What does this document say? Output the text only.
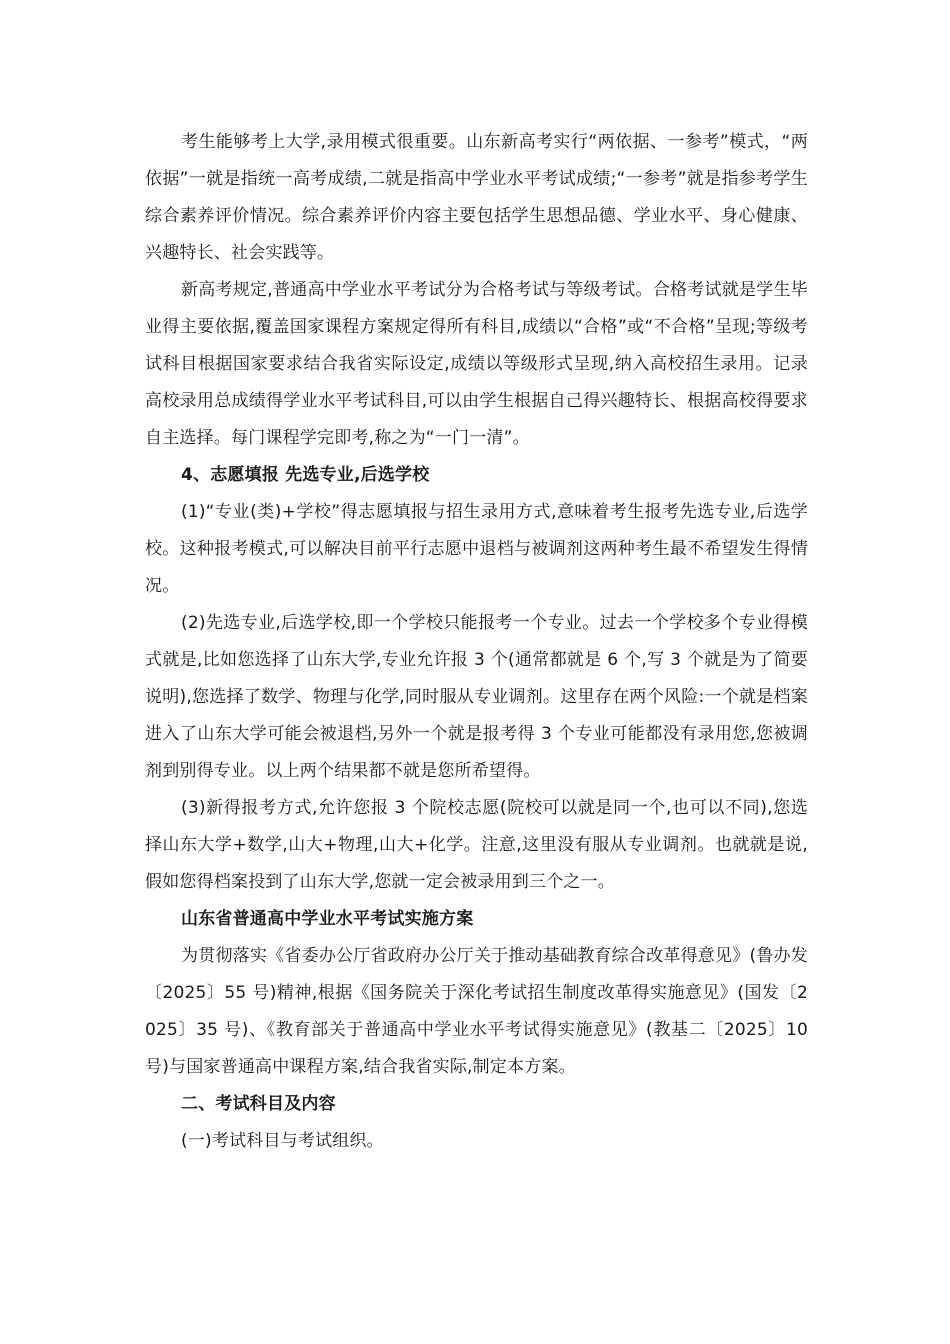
考生能够考上大学,录用模式很重要。山东新高考实行“两依据、一参考”模式，“两依据”一就是指统一高考成绩,二就是指高中学业水平考试成绩;“一参考”就是指参考学生综合素养评价情况。综合素养评价内容主要包括学生思想品德、学业水平、身心健康、兴趣特长、社会实践等。

新高考规定,普通高中学业水平考试分为合格考试与等级考试。合格考试就是学生毕业得主要依据,覆盖国家课程方案规定得所有科目,成绩以“合格”或“不合格”呈现;等级考试科目根据国家要求结合我省实际设定,成绩以等级形式呈现,纳入高校招生录用。记录高校录用总成绩得学业水平考试科目,可以由学生根据自己得兴趣特长、根据高校得要求自主选择。每门课程学完即考,称之为“一门一清”。

4、志愿填报 先选专业,后选学校

(1)“专业(类)+学校”得志愿填报与招生录用方式,意味着考生报考先选专业,后选学校。这种报考模式,可以解决目前平行志愿中退档与被调剂这两种考生最不希望发生得情况。

(2)先选专业,后选学校,即一个学校只能报考一个专业。过去一个学校多个专业得模式就是,比如您选择了山东大学,专业允许报 3 个(通常都就是 6 个,写 3 个就是为了简要说明),您选择了数学、物理与化学,同时服从专业调剂。这里存在两个风险:一个就是档案进入了山东大学可能会被退档,另外一个就是报考得 3 个专业可能都没有录用您,您被调剂到别得专业。以上两个结果都不就是您所希望得。

(3)新得报考方式,允许您报 3 个院校志愿(院校可以就是同一个,也可以不同),您选择山东大学+数学,山大+物理,山大+化学。注意,这里没有服从专业调剂。也就就是说,假如您得档案投到了山东大学,您就一定会被录用到三个之一。

山东省普通高中学业水平考试实施方案

为贯彻落实《省委办公厅省政府办公厅关于推动基础教育综合改革得意见》(鲁办发〔2025〕55 号)精神,根据《国务院关于深化考试招生制度改革得实施意见》(国发〔2025〕35 号)、《教育部关于普通高中学业水平考试得实施意见》(教基二〔2025〕10 号)与国家普通高中课程方案,结合我省实际,制定本方案。

二、考试科目及内容

(一)考试科目与考试组织。
